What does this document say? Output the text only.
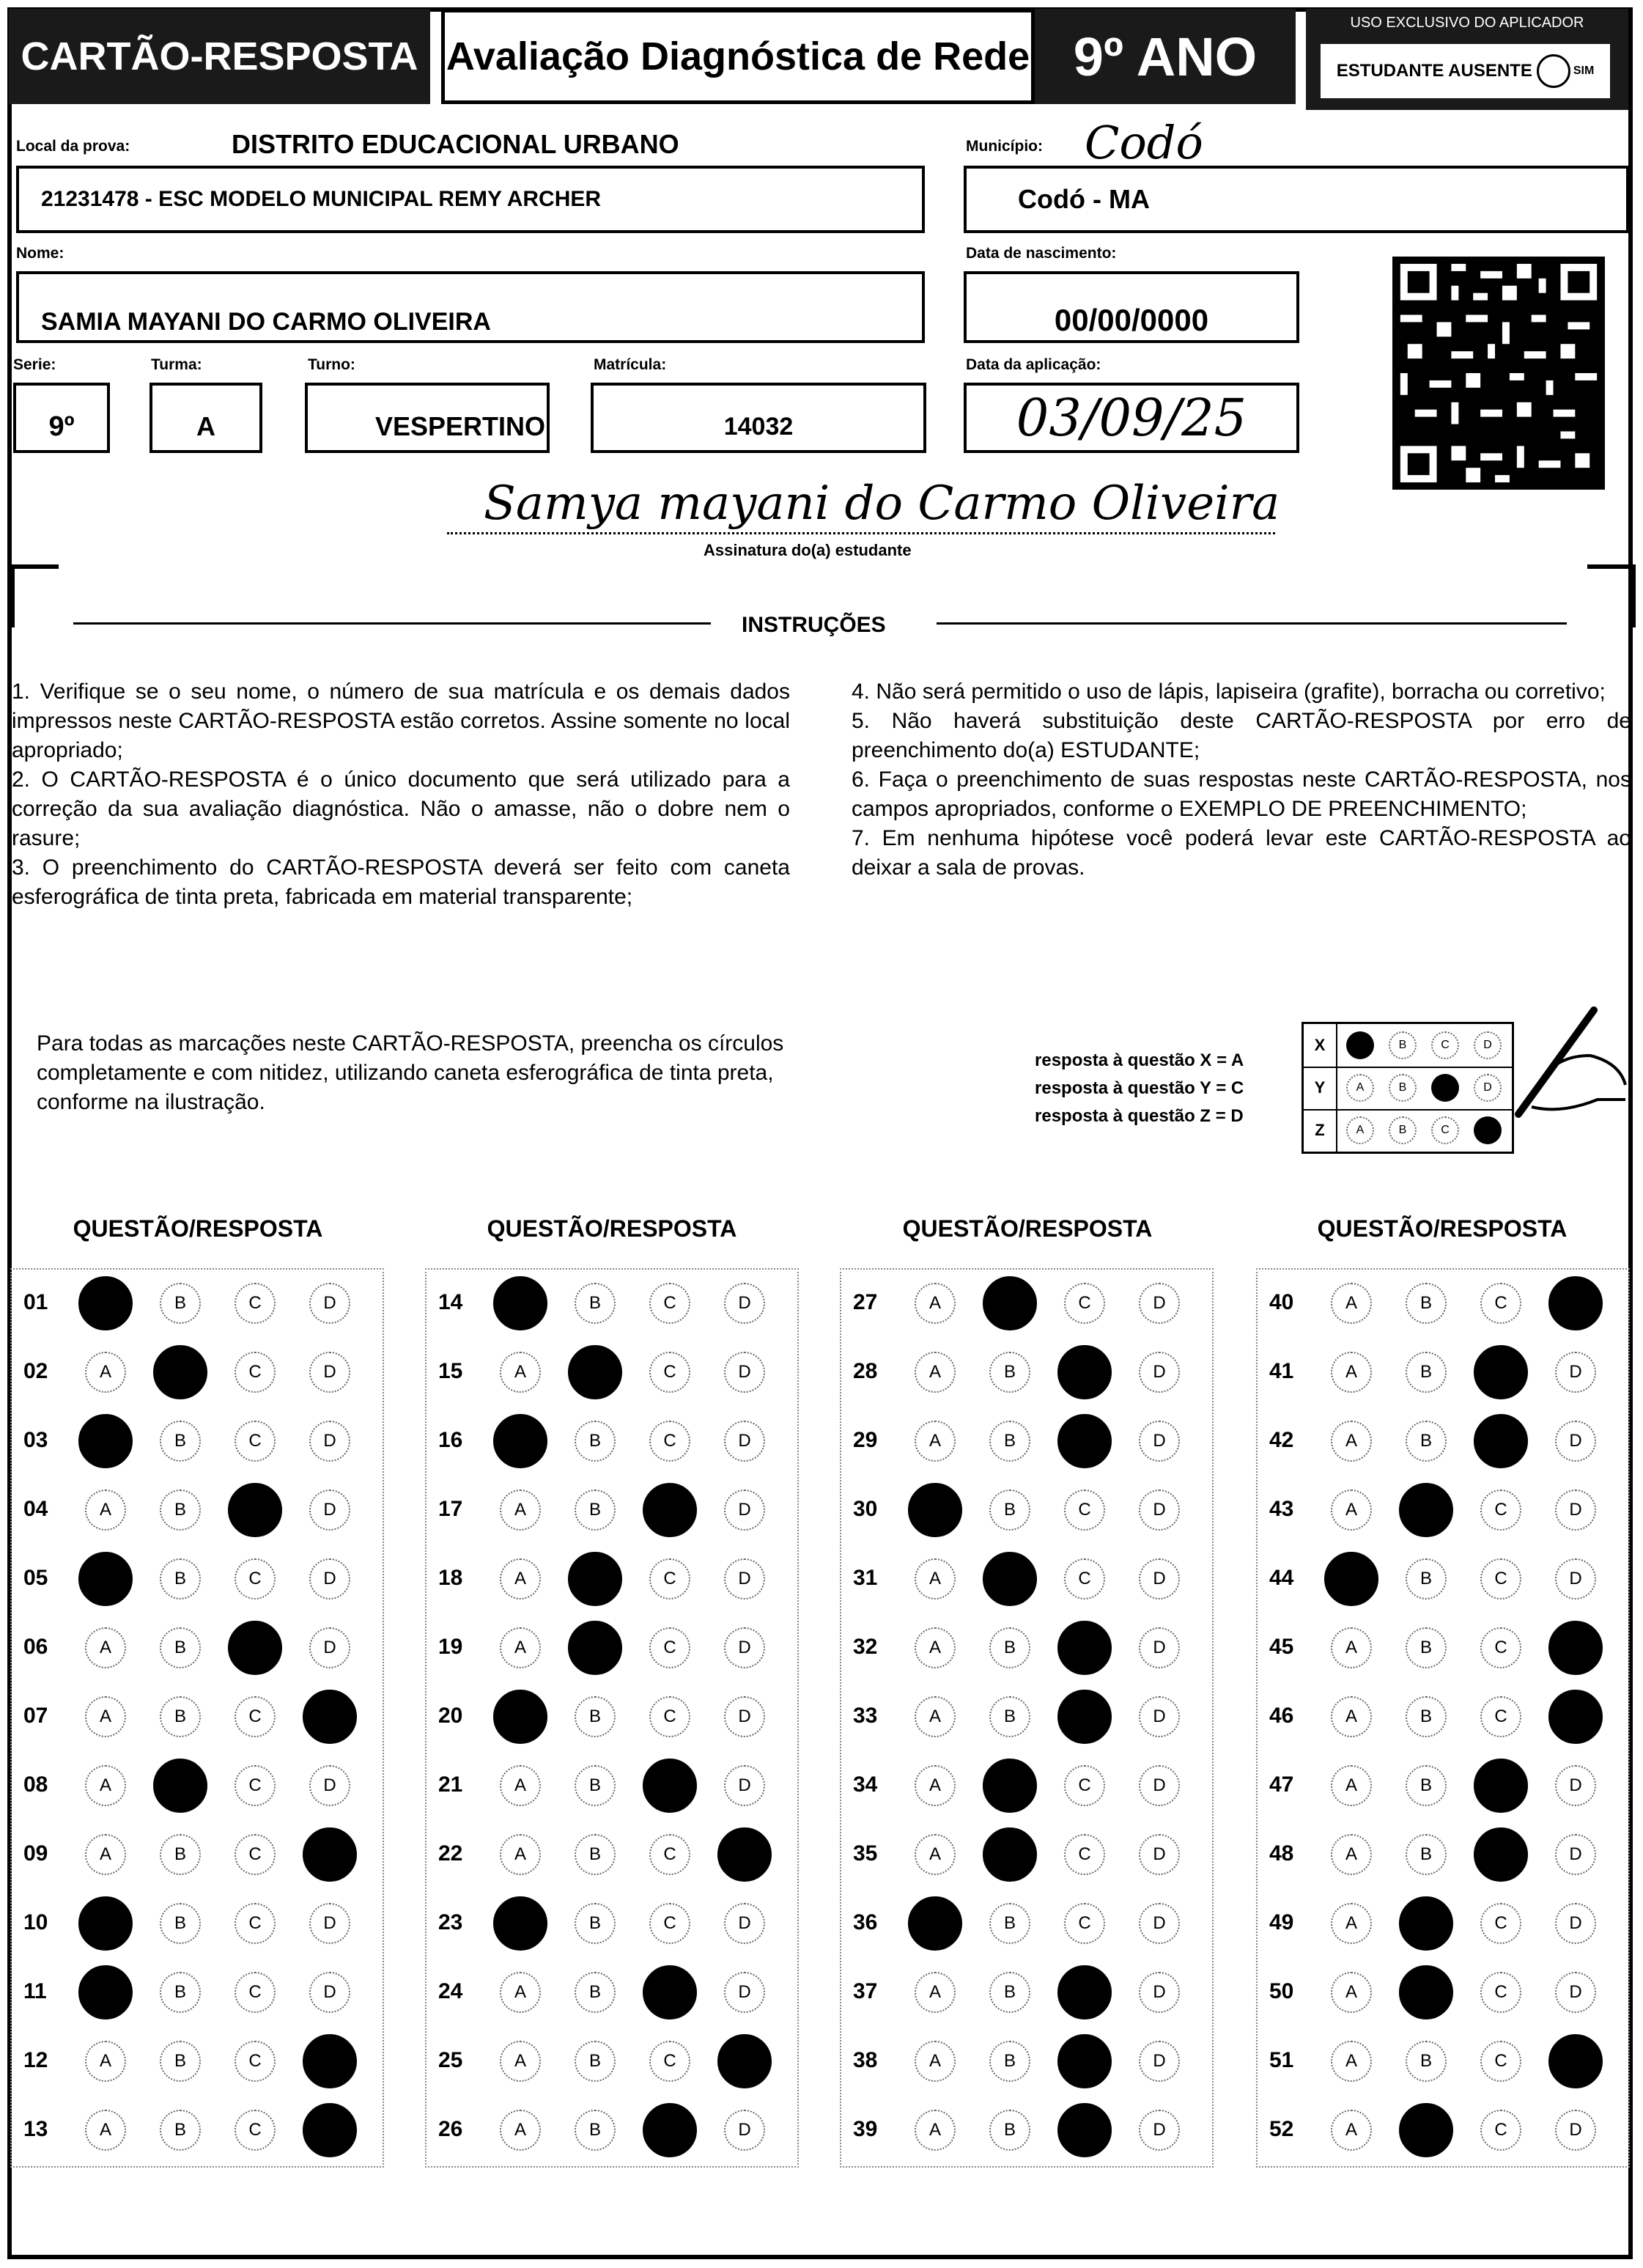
CARTÃO-RESPOSTA Avaliação Diagnóstica de Rede 9º ANO
USO EXCLUSIVO DO APLICADOR
ESTUDANTE AUSENTE	SIM
Local da prova:	DISTRITO EDUCACIONAL URBANO
21231478 - ESC MODELO MUNICIPAL REMY ARCHER
Município: Codó
Codó - MA
Nome:
SAMIA MAYANI DO CARMO OLIVEIRA
Data de nascimento:
00/00/0000
Serie:
9º
Turma:
A
Turno:
VESPERTINO
Matrícula:
14032
Data da aplicação:
03/09/25
Samya mayani do Carmo Oliveira
Assinatura do(a) estudante
INSTRUÇÕES

1. Verifique se o seu nome, o número de sua matrícula e os demais dados impressos neste CARTÃO-RESPOSTA estão corretos. Assine somente no local apropriado;

2. O CARTÃO-RESPOSTA é o único documento que será utilizado para a correção da sua avaliação diagnóstica. Não o amasse, não o dobre nem o rasure;

3. O preenchimento do CARTÃO-RESPOSTA deverá ser feito com caneta esferográfica de tinta preta, fabricada em material transparente;

4. Não será permitido o uso de lápis, lapiseira (grafite), borracha ou corretivo;

5. Não haverá substituição deste CARTÃO-RESPOSTA por erro de preenchimento do(a) ESTUDANTE;

6. Faça o preenchimento de suas respostas neste CARTÃO-RESPOSTA, nos campos apropriados, conforme o EXEMPLO DE PREENCHIMENTO;

7. Em nenhuma hipótese você poderá levar este CARTÃO-RESPOSTA ao deixar a sala de provas.

Para todas as marcações neste CARTÃO-RESPOSTA, preencha os círculos completamente e com nitidez, utilizando caneta esferográfica de tinta preta, conforme na ilustração.
resposta à questão X = A
resposta à questão Y = C
resposta à questão Z = D
X	A	B	C	D
Y	A	B	C	D
Z	A	B	C	D
QUESTÃO/RESPOSTA
01	A	B	C	D
02	A	B	C	D
03	A	B	C	D
04	A	B	C	D
05	A	B	C	D
06	A	B	C	D
07	A	B	C	D
08	A	B	C	D
09	A	B	C	D
10	A	B	C	D
11	A	B	C	D
12	A	B	C	D
13	A	B	C	D
QUESTÃO/RESPOSTA
14	A	B	C	D
15	A	B	C	D
16	A	B	C	D
17	A	B	C	D
18	A	B	C	D
19	A	B	C	D
20	A	B	C	D
21	A	B	C	D
22	A	B	C	D
23	A	B	C	D
24	A	B	C	D
25	A	B	C	D
26	A	B	C	D
QUESTÃO/RESPOSTA
27	A	B	C	D
28	A	B	C	D
29	A	B	C	D
30	A	B	C	D
31	A	B	C	D
32	A	B	C	D
33	A	B	C	D
34	A	B	C	D
35	A	B	C	D
36	A	B	C	D
37	A	B	C	D
38	A	B	C	D
39	A	B	C	D
QUESTÃO/RESPOSTA
40	A	B	C	D
41	A	B	C	D
42	A	B	C	D
43	A	B	C	D
44	A	B	C	D
45	A	B	C	D
46	A	B	C	D
47	A	B	C	D
48	A	B	C	D
49	A	B	C	D
50	A	B	C	D
51	A	B	C	D
52	A	B	C	D
